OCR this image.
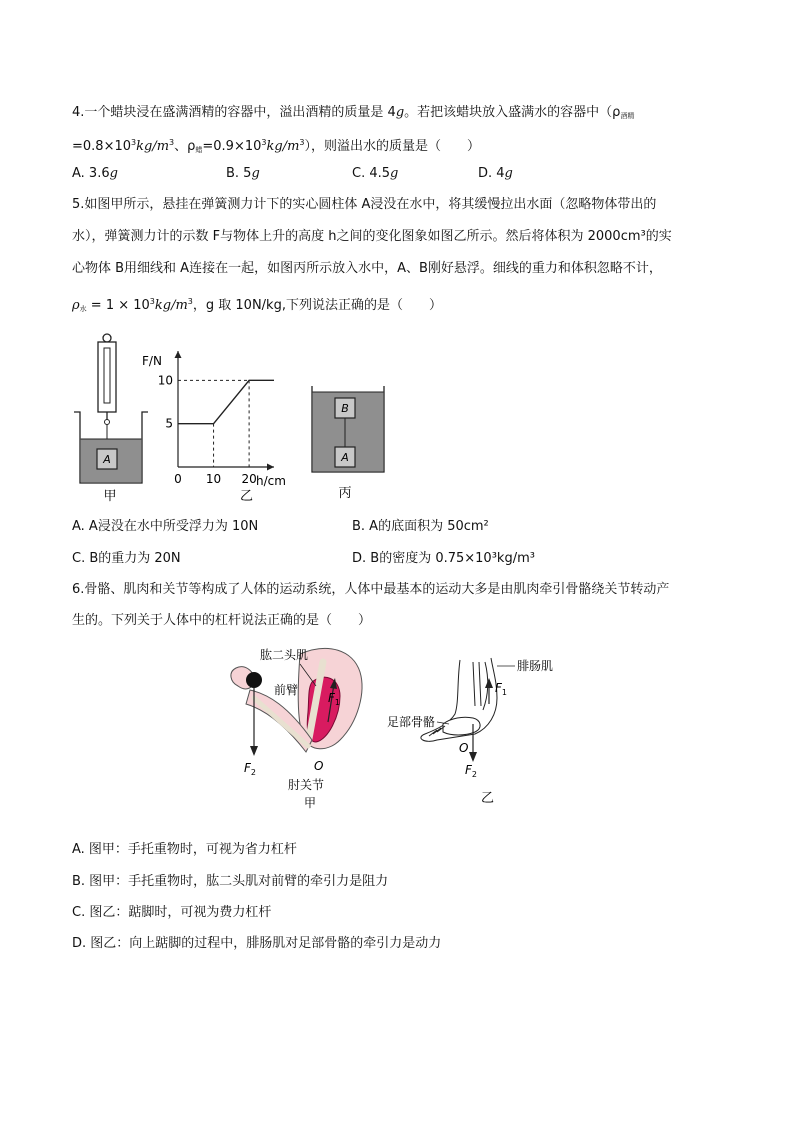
4.一个蜡块浸在盛满酒精的容器中，溢出酒精的质量是 4g。若把该蜡块放入盛满水的容器中（$\rho_{酒精}$
$=0.8\times 10^3kg/m^3$、$\rho_蜡=0.9\times 10^3kg/m^3$），则溢出水的质量是（　　）
A. 3.6g	B. 5g	C. 4.5g	D. 4g
5.如图甲所示，悬挂在弹簧测力计下的实心圆柱体 A浸没在水中，将其缓慢拉出水面（忽略物体带出的
水），弹簧测力计的示数 F与物体上升的高度 h之间的变化图象如图乙所示。然后将体积为 2000cm³的实
心物体 B用细线和 A连接在一起，如图丙所示放入水中，A、B刚好悬浮。细线的重力和体积忽略不计，
$\rho_水 = 1 \times 10^3kg/m^3$，g 取 10N/kg,下列说法正确的是（　　）
A
甲
F/N
h/cm
5
10
0 10 20
乙
B
A
丙
A. A浸没在水中所受浮力为 10N	B. A的底面积为 50cm²
C. B的重力为 20N	D. B的密度为 0.75×10³kg/m³
6.骨骼、肌肉和关节等构成了人体的运动系统，人体中最基本的运动大多是由肌肉牵引骨骼绕关节转动产
生的。下列关于人体中的杠杆说法正确的是（　　）
$F_2$
$F_1$
肱二头肌
前臂
O
肘关节
甲
$F_1$
$F_2$
腓肠肌
足部骨骼
O
乙
A. 图甲：手托重物时，可视为省力杠杆
B. 图甲：手托重物时，肱二头肌对前臂的牵引力是阻力
C. 图乙：踮脚时，可视为费力杠杆
D. 图乙：向上踮脚的过程中，腓肠肌对足部骨骼的牵引力是动力
